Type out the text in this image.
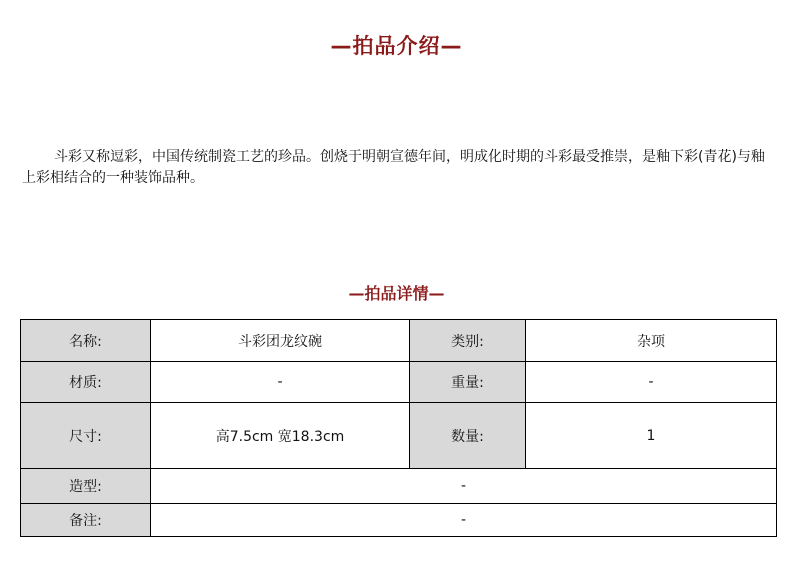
—拍品介绍—
斗彩又称逗彩，中国传统制瓷工艺的珍品。创烧于明朝宣德年间，明成化时期的斗彩最受推崇，是釉下彩(青花)与釉上彩相结合的一种装饰品种。
—拍品详情—
名称:	斗彩团龙纹碗	类别:	杂项
材质:	-	重量:	-
尺寸:	高7.5cm 宽18.3cm	数量:	1
造型:	-		
备注:	-		
